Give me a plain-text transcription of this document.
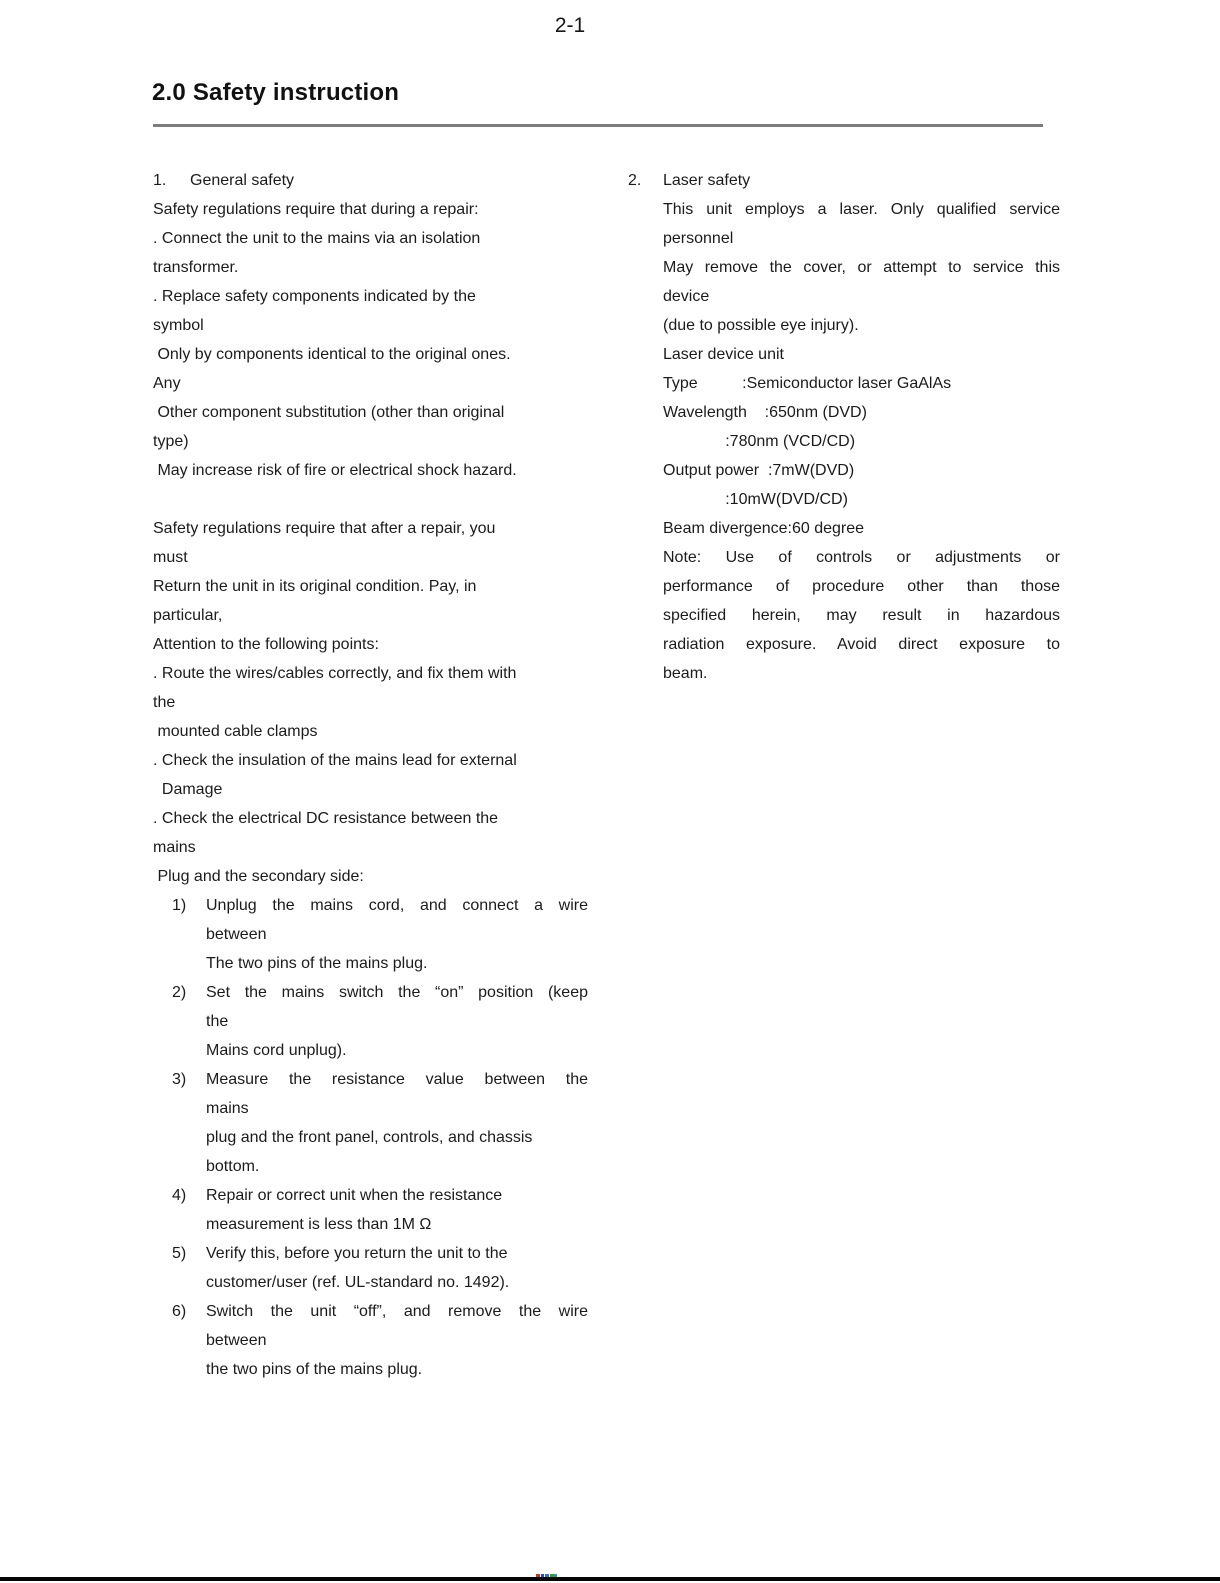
2-1
2.0 Safety instruction
1. General safety
Safety regulations require that during a repair:
. Connect the unit to the mains via an isolation
transformer.
. Replace safety components indicated by the
symbol
Only by components identical to the original ones.
Any
Other component substitution (other than original
type)
May increase risk of fire or electrical shock hazard.

Safety regulations require that after a repair, you
must
Return the unit in its original condition. Pay, in
particular,
Attention to the following points:
. Route the wires/cables correctly, and fix them with
the
mounted cable clamps
. Check the insulation of the mains lead for external
Damage
. Check the electrical DC resistance between the
mains
Plug and the secondary side:
1) Unplug the mains cord, and connect a wire
between
The two pins of the mains plug.
2) Set the mains switch the “on” position (keep
the
Mains cord unplug).
3) Measure the resistance value between the
mains
plug and the front panel, controls, and chassis
bottom.
4) Repair or correct unit when the resistance
measurement is less than 1M Ω
5) Verify this, before you return the unit to the
customer/user (ref. UL-standard no. 1492).
6) Switch the unit “off”, and remove the wire
between
the two pins of the mains plug.
2. Laser safety
This unit employs a laser. Only qualified service
personnel
May remove the cover, or attempt to service this
device
(due to possible eye injury).
Laser device unit
Type          :Semiconductor laser GaAlAs
Wavelength    :650nm (DVD)
:780nm (VCD/CD)
Output power  :7mW(DVD)
:10mW(DVD/CD)
Beam divergence:60 degree
Note: Use of controls or adjustments or
performance of procedure other than those
specified herein, may result in hazardous
radiation exposure. Avoid direct exposure to
beam.
